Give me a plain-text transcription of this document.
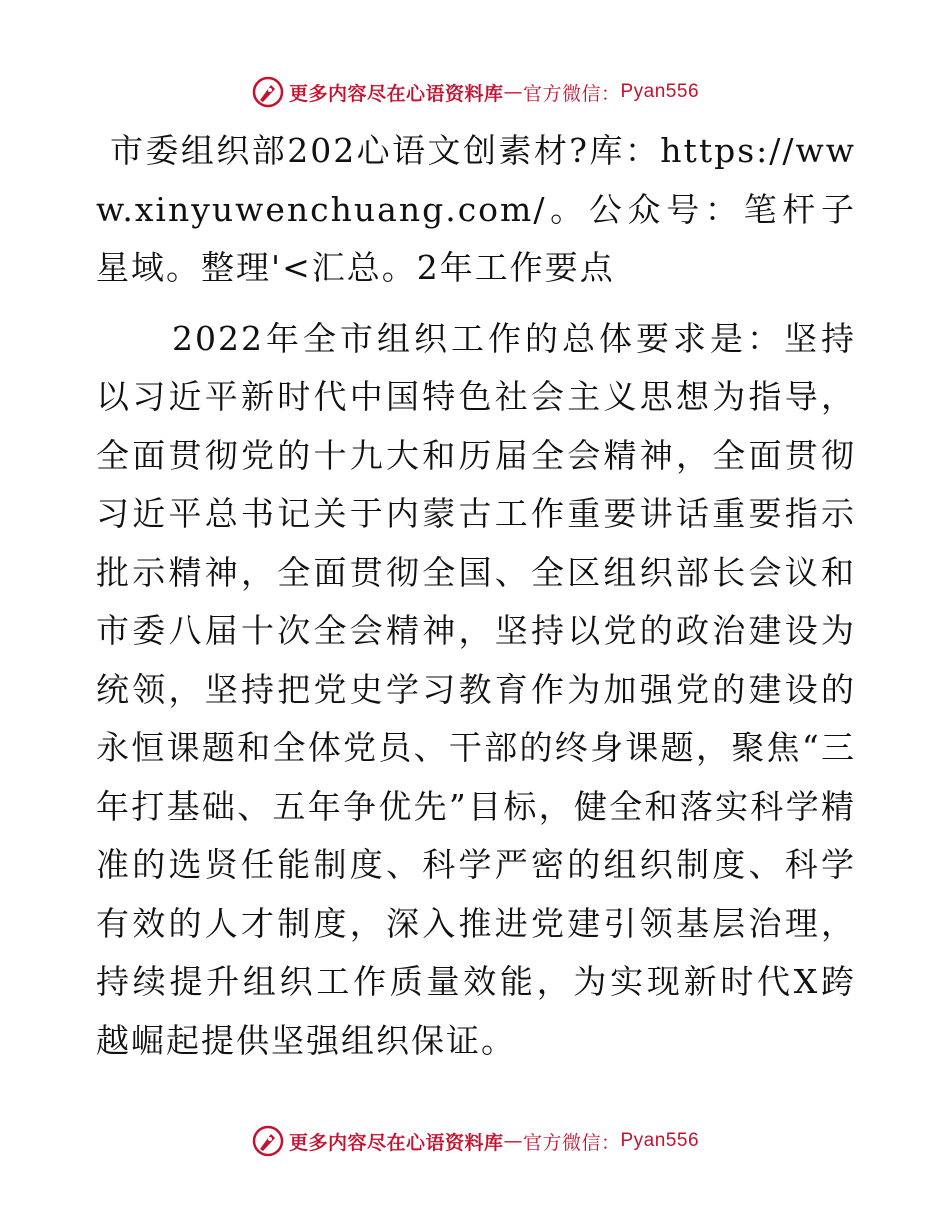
更多内容尽在心语资料库 — 官方微信： Pyan556

市委组织部202心语文创素材?库：https://www.xinyuwenchuang.com/。公众号：笔杆子星域。整理'<汇总。2年工作要点

2022年全市组织工作的总体要求是：坚持以习近平新时代中国特色社会主义思想为指导，全面贯彻党的十九大和历届全会精神，全面贯彻习近平总书记关于内蒙古工作重要讲话重要指示批示精神，全面贯彻全国、全区组织部长会议和市委八届十次全会精神，坚持以党的政治建设为统领，坚持把党史学习教育作为加强党的建设的永恒课题和全体党员、干部的终身课题，聚焦“三年打基础、五年争优先”目标，健全和落实科学精准的选贤任能制度、科学严密的组织制度、科学有效的人才制度，深入推进党建引领基层治理，持续提升组织工作质量效能，为实现新时代X跨越崛起提供坚强组织保证。

更多内容尽在心语资料库 — 官方微信： Pyan556
